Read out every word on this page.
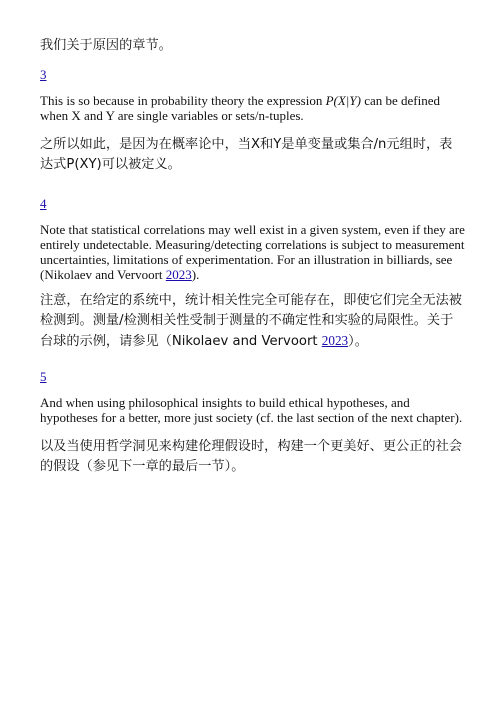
我们关于原因的章节。

3

This is so because in probability theory the expression P(X|Y) can be defined when X and Y are single variables or sets/n-tuples.

之所以如此，是因为在概率论中，当X和Y是单变量或集合/n元组时，表达式P(XY)可以被定义。

4

Note that statistical correlations may well exist in a given system, even if they are entirely undetectable. Measuring/detecting correlations is subject to measurement uncertainties, limitations of experimentation. For an illustration in billiards, see (Nikolaev and Vervoort 2023).

注意，在给定的系统中，统计相关性完全可能存在，即使它们完全无法被检测到。测量/检测相关性受制于测量的不确定性和实验的局限性。关于台球的示例，请参见（Nikolaev and Vervoort 2023）。

5

And when using philosophical insights to build ethical hypotheses, and hypotheses for a better, more just society (cf. the last section of the next chapter).

以及当使用哲学洞见来构建伦理假设时，构建一个更美好、更公正的社会的假设（参见下一章的最后一节）。
